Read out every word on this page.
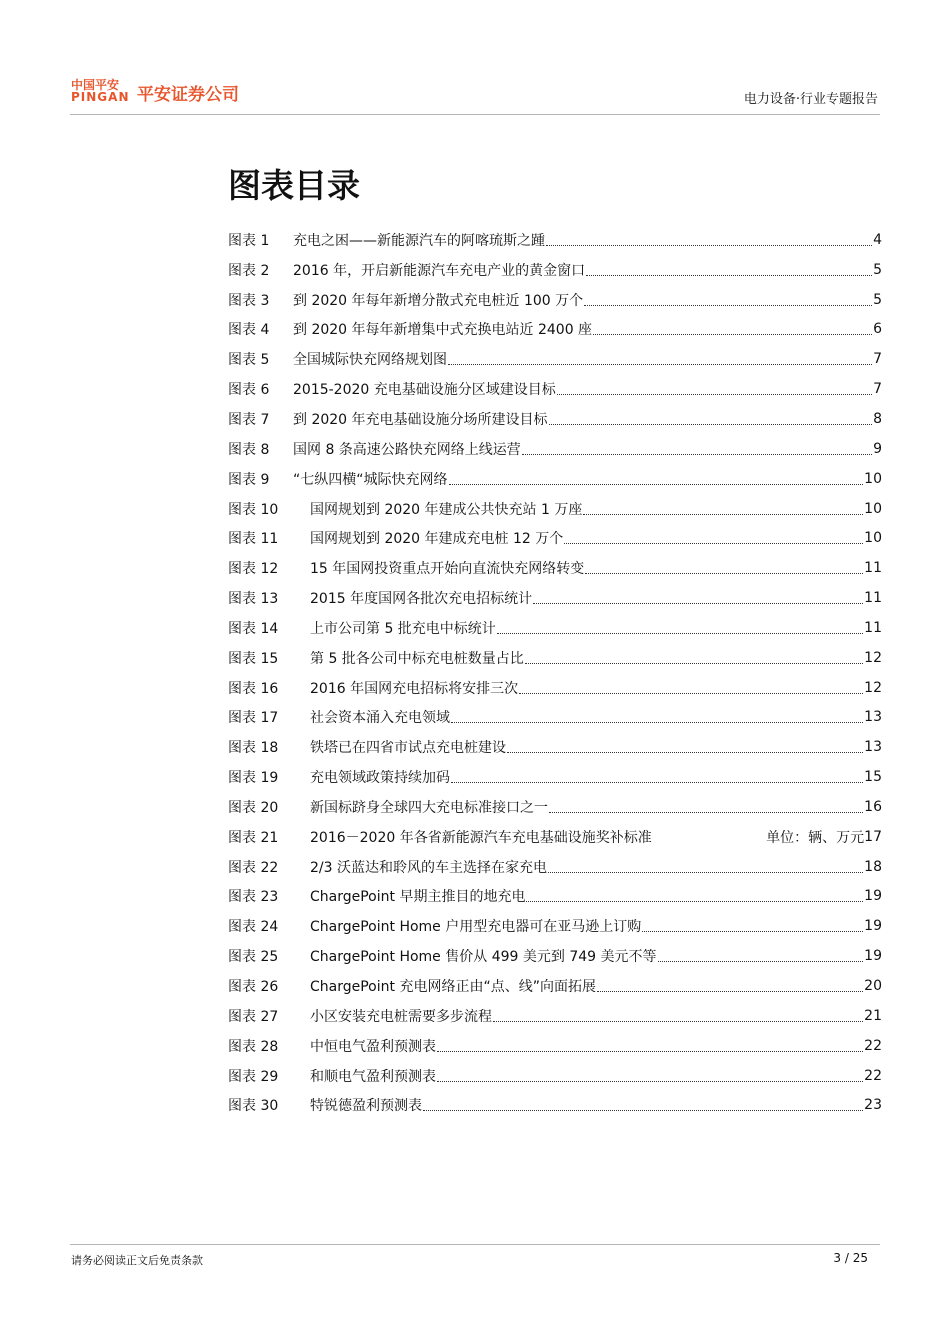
中国平安
PINGAN 平安证券公司	电力设备·行业专题报告
图表目录
图表 1	充电之困——新能源汽车的阿喀琉斯之踵	4
图表 2	2016 年，开启新能源汽车充电产业的黄金窗口	5
图表 3	到 2020 年每年新增分散式充电桩近 100 万个	5
图表 4	到 2020 年每年新增集中式充换电站近 2400 座	6
图表 5	全国城际快充网络规划图	7
图表 6	2015-2020 充电基础设施分区域建设目标	7
图表 7	到 2020 年充电基础设施分场所建设目标	8
图表 8	国网 8 条高速公路快充网络上线运营	9
图表 9	“七纵四横“城际快充网络	10
图表 10	国网规划到 2020 年建成公共快充站 1 万座	10
图表 11	国网规划到 2020 年建成充电桩 12 万个	10
图表 12	15 年国网投资重点开始向直流快充网络转变	11
图表 13	2015 年度国网各批次充电招标统计	11
图表 14	上市公司第 5 批充电中标统计	11
图表 15	第 5 批各公司中标充电桩数量占比	12
图表 16	2016 年国网充电招标将安排三次	12
图表 17	社会资本涌入充电领域	13
图表 18	铁塔已在四省市试点充电桩建设	13
图表 19	充电领域政策持续加码	15
图表 20	新国标跻身全球四大充电标准接口之一	16
图表 21	2016－2020 年各省新能源汽车充电基础设施奖补标准	单位：辆、万元 17
图表 22	2/3 沃蓝达和聆风的车主选择在家充电	18
图表 23	ChargePoint 早期主推目的地充电	19
图表 24	ChargePoint Home 户用型充电器可在亚马逊上订购	19
图表 25	ChargePoint Home 售价从 499 美元到 749 美元不等	19
图表 26	ChargePoint 充电网络正由“点、线”向面拓展	20
图表 27	小区安装充电桩需要多步流程	21
图表 28	中恒电气盈利预测表	22
图表 29	和顺电气盈利预测表	22
图表 30	特锐德盈利预测表	23
请务必阅读正文后免责条款	3 / 25
